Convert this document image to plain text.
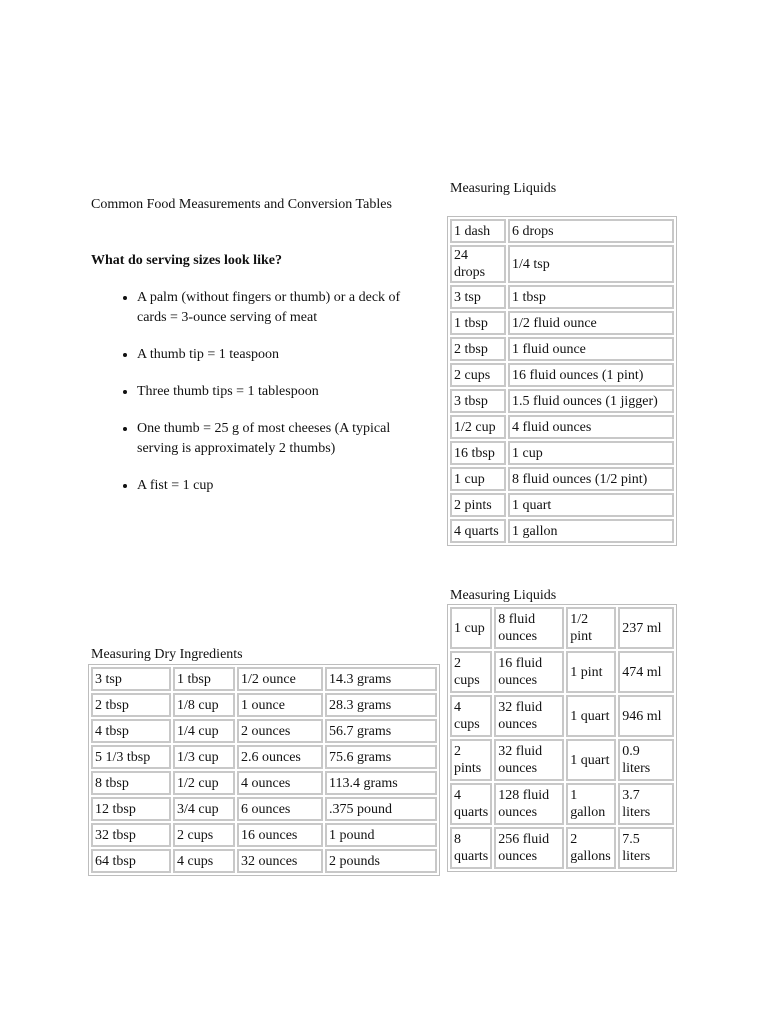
Common Food Measurements and Conversion Tables

What do serving sizes look like?

• A palm (without fingers or thumb) or a deck of cards = 3-ounce serving of meat
• A thumb tip = 1 teaspoon
• Three thumb tips = 1 tablespoon
• One thumb = 25 g of most cheeses (A typical serving is approximately 2 thumbs)
• A fist = 1 cup

Measuring Liquids

1 dash	6 drops
24 drops	1/4 tsp
3 tsp	1 tbsp
1 tbsp	1/2 fluid ounce
2 tbsp	1 fluid ounce
2 cups	16 fluid ounces (1 pint)
3 tbsp	1.5 fluid ounces (1 jigger)
1/2 cup	4 fluid ounces
16 tbsp	1 cup
1 cup	8 fluid ounces (1/2 pint)
2 pints	1 quart
4 quarts	1 gallon

Measuring Liquids

1 cup	8 fluid ounces	1/2 pint	237 ml
2 cups	16 fluid ounces	1 pint	474 ml
4 cups	32 fluid ounces	1 quart	946 ml
2 pints	32 fluid ounces	1 quart	0.9 liters
4 quarts	128 fluid ounces	1 gallon	3.7 liters
8 quarts	256 fluid ounces	2 gallons	7.5 liters

Measuring Dry Ingredients

3 tsp	1 tbsp	1/2 ounce	14.3 grams
2 tbsp	1/8 cup	1 ounce	28.3 grams
4 tbsp	1/4 cup	2 ounces	56.7 grams
5 1/3 tbsp	1/3 cup	2.6 ounces	75.6 grams
8 tbsp	1/2 cup	4 ounces	113.4 grams
12 tbsp	3/4 cup	6 ounces	.375 pound
32 tbsp	2 cups	16 ounces	1 pound
64 tbsp	4 cups	32 ounces	2 pounds
